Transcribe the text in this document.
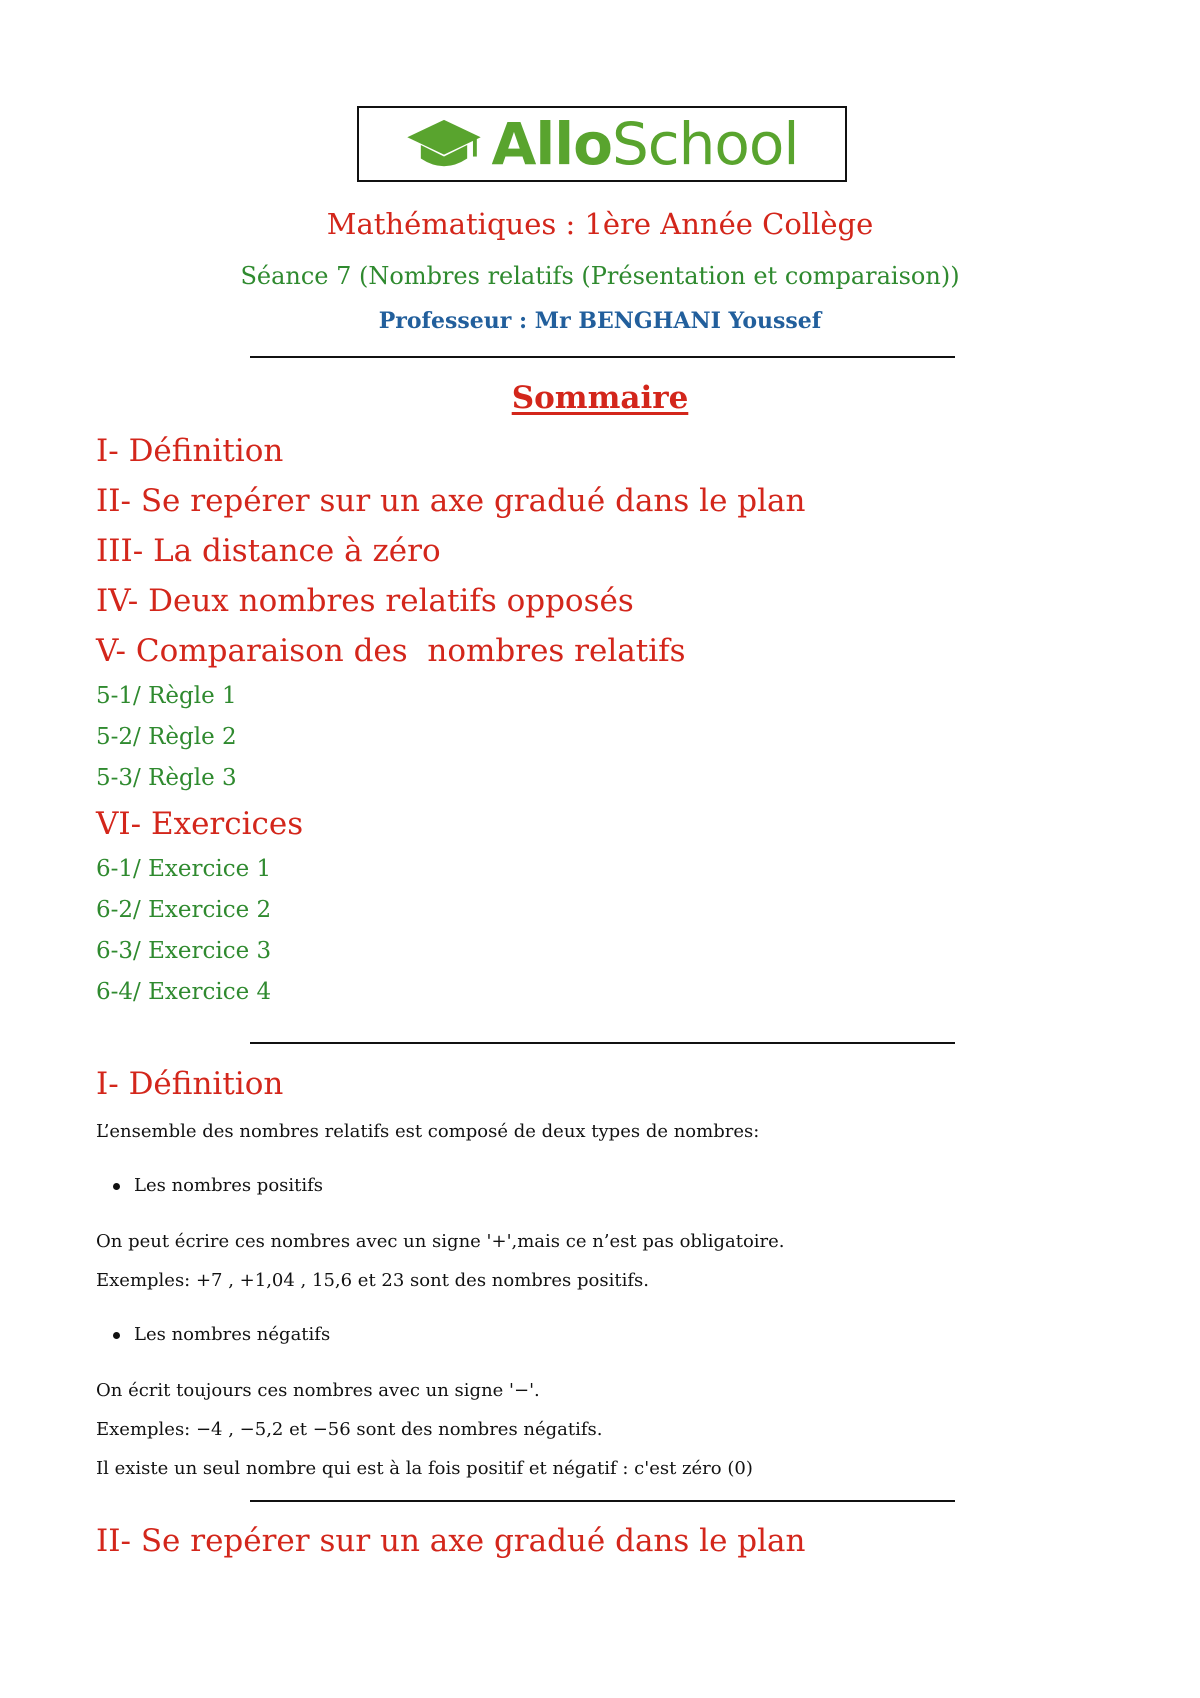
AlloSchool
Mathématiques : 1ère Année Collège
Séance 7 (Nombres relatifs (Présentation et comparaison))
Professeur : Mr BENGHANI Youssef
Sommaire
I- Définition
II- Se repérer sur un axe gradué dans le plan
III- La distance à zéro
IV- Deux nombres relatifs opposés
V- Comparaison des  nombres relatifs
5-1/ Règle 1
5-2/ Règle 2
5-3/ Règle 3
VI- Exercices
6-1/ Exercice 1
6-2/ Exercice 2
6-3/ Exercice 3
6-4/ Exercice 4
I- Définition
L’ensemble des nombres relatifs est composé de deux types de nombres:
Les nombres positifs
On peut écrire ces nombres avec un signe '+',mais ce n’est pas obligatoire.
Exemples: +7 , +1,04 , 15,6 et 23 sont des nombres positifs.
Les nombres négatifs
On écrit toujours ces nombres avec un signe '−'.
Exemples: −4 , −5,2 et −56 sont des nombres négatifs.
Il existe un seul nombre qui est à la fois positif et négatif : c'est zéro (0)
II- Se repérer sur un axe gradué dans le plan
